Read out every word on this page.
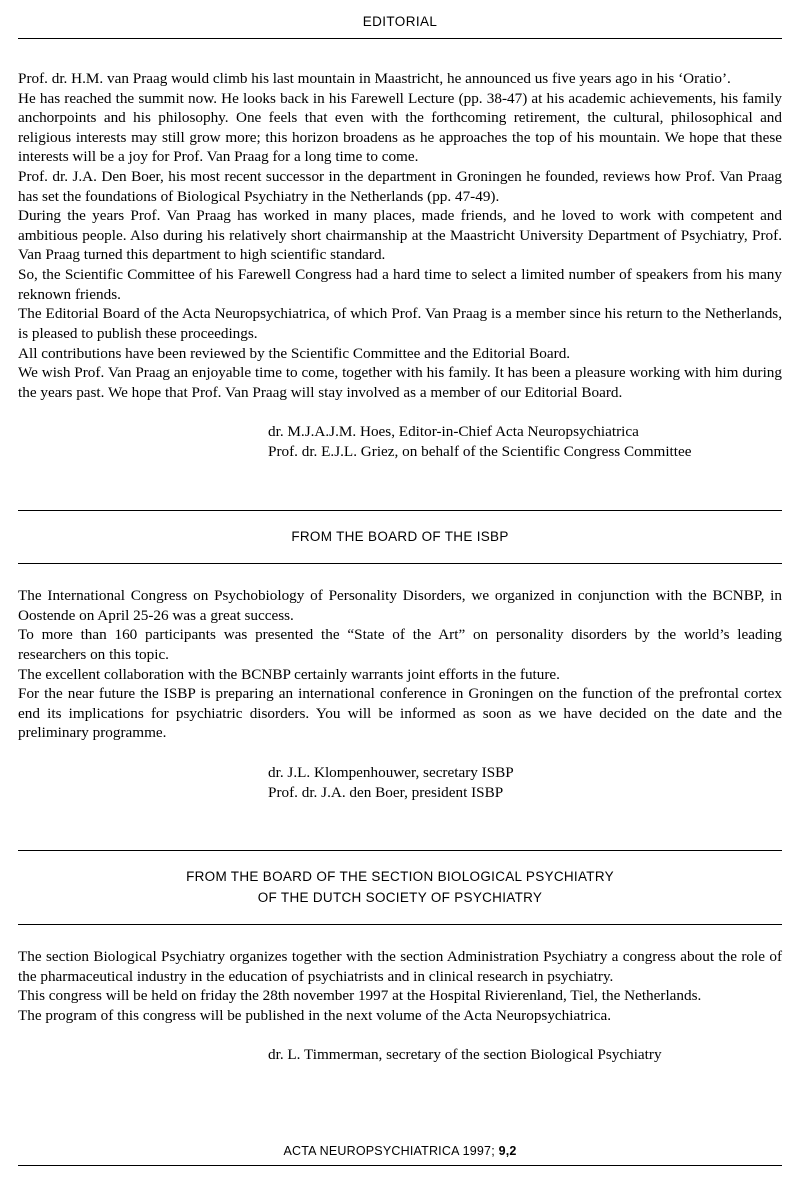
EDITORIAL

Prof. dr. H.M. van Praag would climb his last mountain in Maastricht, he announced us five years ago in his ‘Oratio’.

He has reached the summit now. He looks back in his Farewell Lecture (pp. 38-47) at his academic achievements, his family anchorpoints and his philosophy. One feels that even with the forthcoming retirement, the cultural, philosophical and religious interests may still grow more; this horizon broadens as he approaches the top of his mountain. We hope that these interests will be a joy for Prof. Van Praag for a long time to come.

Prof. dr. J.A. Den Boer, his most recent successor in the department in Groningen he founded, reviews how Prof. Van Praag has set the foundations of Biological Psychiatry in the Netherlands (pp. 47-49).

During the years Prof. Van Praag has worked in many places, made friends, and he loved to work with competent and ambitious people. Also during his relatively short chairmanship at the Maastricht University Department of Psychiatry, Prof. Van Praag turned this department to high scientific standard.

So, the Scientific Committee of his Farewell Congress had a hard time to select a limited number of speakers from his many reknown friends.

The Editorial Board of the Acta Neuropsychiatrica, of which Prof. Van Praag is a member since his return to the Netherlands, is pleased to publish these proceedings.

All contributions have been reviewed by the Scientific Committee and the Editorial Board.

We wish Prof. Van Praag an enjoyable time to come, together with his family. It has been a pleasure working with him during the years past. We hope that Prof. Van Praag will stay involved as a member of our Editorial Board.

dr. M.J.A.J.M. Hoes, Editor-in-Chief Acta Neuropsychiatrica
Prof. dr. E.J.L. Griez, on behalf of the Scientific Congress Committee
FROM THE BOARD OF THE ISBP

The International Congress on Psychobiology of Personality Disorders, we organized in conjunction with the BCNBP, in Oostende on April 25-26 was a great success.

To more than 160 participants was presented the “State of the Art” on personality disorders by the world’s leading researchers on this topic.

The excellent collaboration with the BCNBP certainly warrants joint efforts in the future.

For the near future the ISBP is preparing an international conference in Groningen on the function of the prefrontal cortex end its implications for psychiatric disorders. You will be informed as soon as we have decided on the date and the preliminary programme.

dr. J.L. Klompenhouwer, secretary ISBP
Prof. dr. J.A. den Boer, president ISBP
FROM THE BOARD OF THE SECTION BIOLOGICAL PSYCHIATRY
OF THE DUTCH SOCIETY OF PSYCHIATRY

The section Biological Psychiatry organizes together with the section Administration Psychiatry a congress about the role of the pharmaceutical industry in the education of psychiatrists and in clinical research in psychiatry.

This congress will be held on friday the 28th november 1997 at the Hospital Rivierenland, Tiel, the Netherlands.

The program of this congress will be published in the next volume of the Acta Neuropsychiatrica.

dr. L. Timmerman, secretary of the section Biological Psychiatry
ACTA NEUROPSYCHIATRICA 1997; 9,2
